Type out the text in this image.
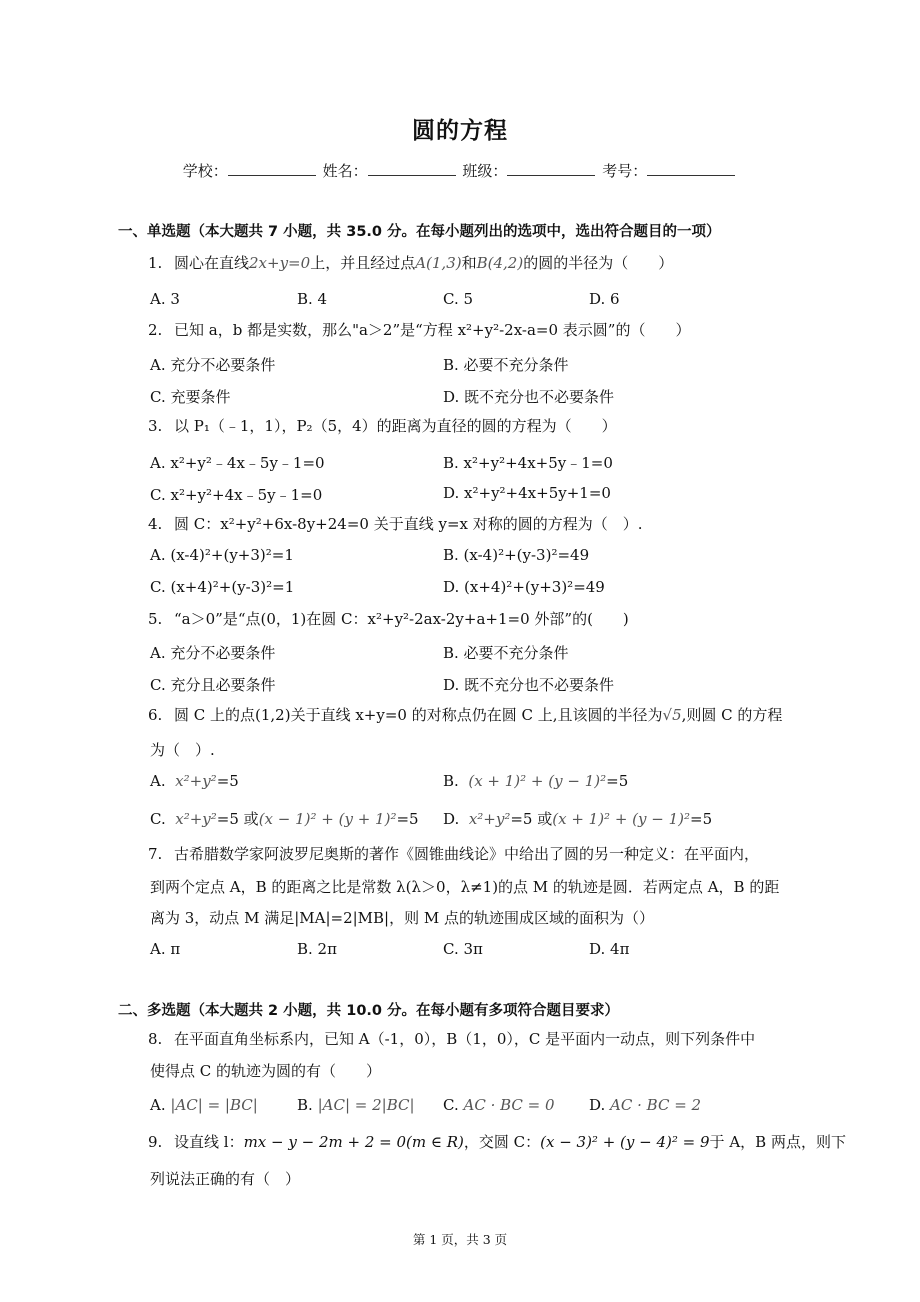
圆的方程
学校：	姓名：	班级：	考号：
一、单选题（本大题共 7 小题，共 35.0 分。在每小题列出的选项中，选出符合题目的一项）
1. 圆心在直线2x+y=0上，并且经过点A(1,3)和B(4,2)的圆的半径为（　　）
A. 3	B. 4	C. 5	D. 6
2. 已知 a，b 都是实数，那么"a＞2”是“方程 x²+y²-2x-a=0 表示圆”的（　　）
A. 充分不必要条件	B. 必要不充分条件
C. 充要条件	D. 既不充分也不必要条件
3. 以 P₁（﹣1，1），P₂（5，4）的距离为直径的圆的方程为（　　）
A. x²+y²﹣4x﹣5y﹣1=0	B. x²+y²+4x+5y﹣1=0
C. x²+y²+4x﹣5y﹣1=0	D. x²+y²+4x+5y+1=0
4. 圆 C：x²+y²+6x-8y+24=0 关于直线 y=x 对称的圆的方程为（　）.
A. (x-4)²+(y+3)²=1	B. (x-4)²+(y-3)²=49
C. (x+4)²+(y-3)²=1	D. (x+4)²+(y+3)²=49
5. “a＞0”是“点(0，1)在圆 C：x²+y²-2ax-2y+a+1=0 外部”的(　　)
A. 充分不必要条件	B. 必要不充分条件
C. 充分且必要条件	D. 既不充分也不必要条件
6. 圆 C 上的点(1,2)关于直线 x+y=0 的对称点仍在圆 C 上,且该圆的半径为√5,则圆 C 的方程
为（　）.
A. x²+y²=5	B. (x + 1)² + (y − 1)²=5
C. x²+y²=5 或(x − 1)² + (y + 1)²=5 D. x²+y²=5 或(x + 1)² + (y − 1)²=5
7. 古希腊数学家阿波罗尼奥斯的著作《圆锥曲线论》中给出了圆的另一种定义：在平面内，
到两个定点 A，B 的距离之比是常数 λ(λ＞0，λ≠1)的点 M 的轨迹是圆．若两定点 A，B 的距
离为 3，动点 M 满足|MA|=2|MB|，则 M 点的轨迹围成区域的面积为（）
A. π	B. 2π	C. 3π	D. 4π
二、多选题（本大题共 2 小题，共 10.0 分。在每小题有多项符合题目要求）
8. 在平面直角坐标系内，已知 A（-1，0），B（1，0），C 是平面内一动点，则下列条件中
使得点 C 的轨迹为圆的有（　　）
A. |AC| = |BC|	B. |AC| = 2|BC| C. AC · BC = 0 D. AC · BC = 2
9. 设直线 l：mx − y − 2m + 2 = 0(m ∈ R)，交圆 C：(x − 3)² + (y − 4)² = 9于 A，B 两点，则下
列说法正确的有（　）
第 1 页，共 3 页
